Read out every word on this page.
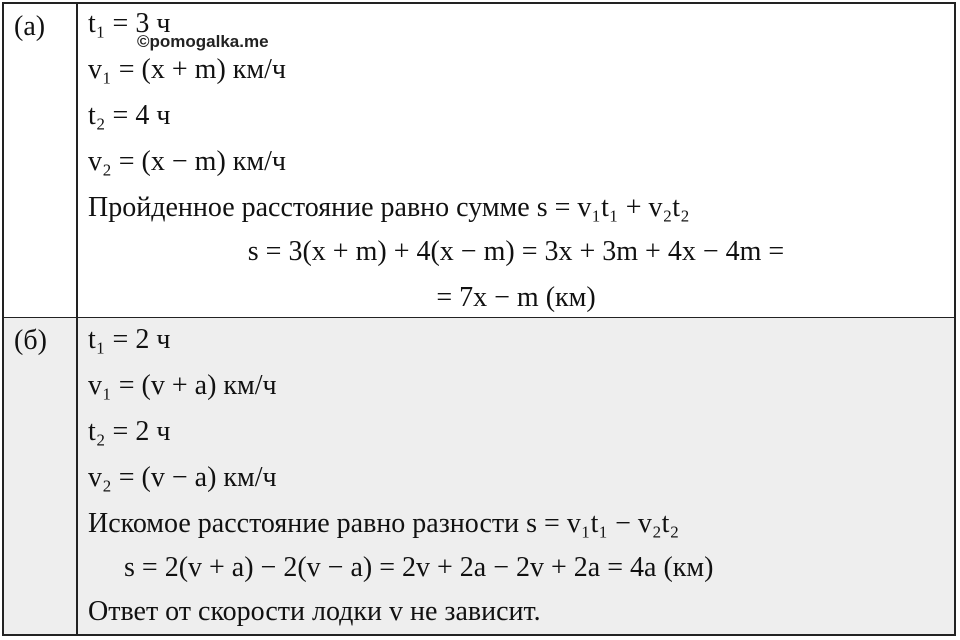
(а) t₁ = 3 ч
v₁ = (x + m) км/ч
t₂ = 4 ч
v₂ = (x − m) км/ч
Пройденное расстояние равно сумме s = v₁t₁ + v₂t₂
s = 3(x + m) + 4(x − m) = 3x + 3m + 4x − 4m =
= 7x − m (км)
©pomogalka.me
(б) t₁ = 2 ч
v₁ = (v + a) км/ч
t₂ = 2 ч
v₂ = (v − a) км/ч
Искомое расстояние равно разности s = v₁t₁ − v₂t₂
s = 2(v + a) − 2(v − a) = 2v + 2a − 2v + 2a = 4a (км)
Ответ от скорости лодки v не зависит.
